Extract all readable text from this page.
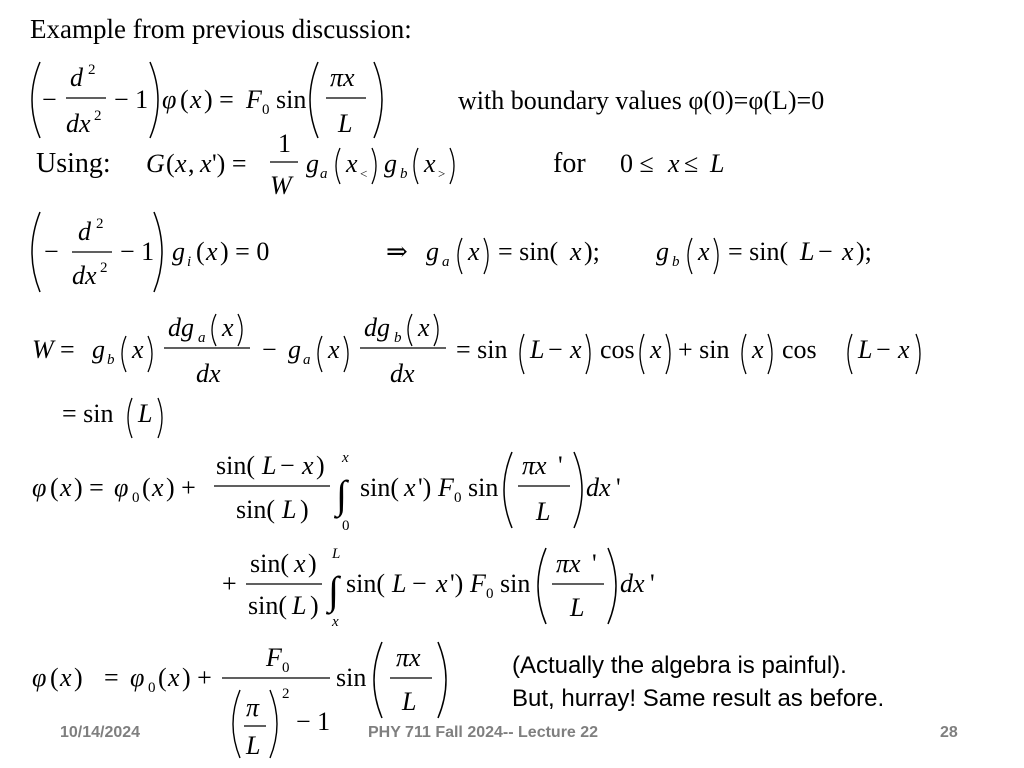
Example from previous discussion:
with boundary values φ(0)=φ(L)=0
Using:	for
−
d 2
dx 2
− 1 φ ( x ) = F 0 sin
πx
L
G ( x , x ') =
1
W
g a x < g b x >	0 ≤ x ≤ L
−
d 2
dx 2
− 1 g i ( x ) = 0	⇒ g a x = sin( x ); g b x = sin( L − x );
W = g b x
dg a x
dx
− g a x
dg b x
dx
= sin L − x cos x + sin x cos L − x
= sin L
φ ( x ) = φ 0 ( x ) +
sin( L − x )
sin( L )
x
∫
0
sin( x ') F 0 sin
πx '
L
dx '
+
sin( x )
sin( L )
L
∫
x
sin( L − x ') F 0 sin
πx '
L
dx '
φ ( x ) = φ 0 ( x ) +
F 0
π
L
2
− 1
sin
πx
L
(Actually the algebra is painful).
But, hurray! Same result as before.
10/14/2024	PHY 711 Fall 2024-- Lecture 22	28
